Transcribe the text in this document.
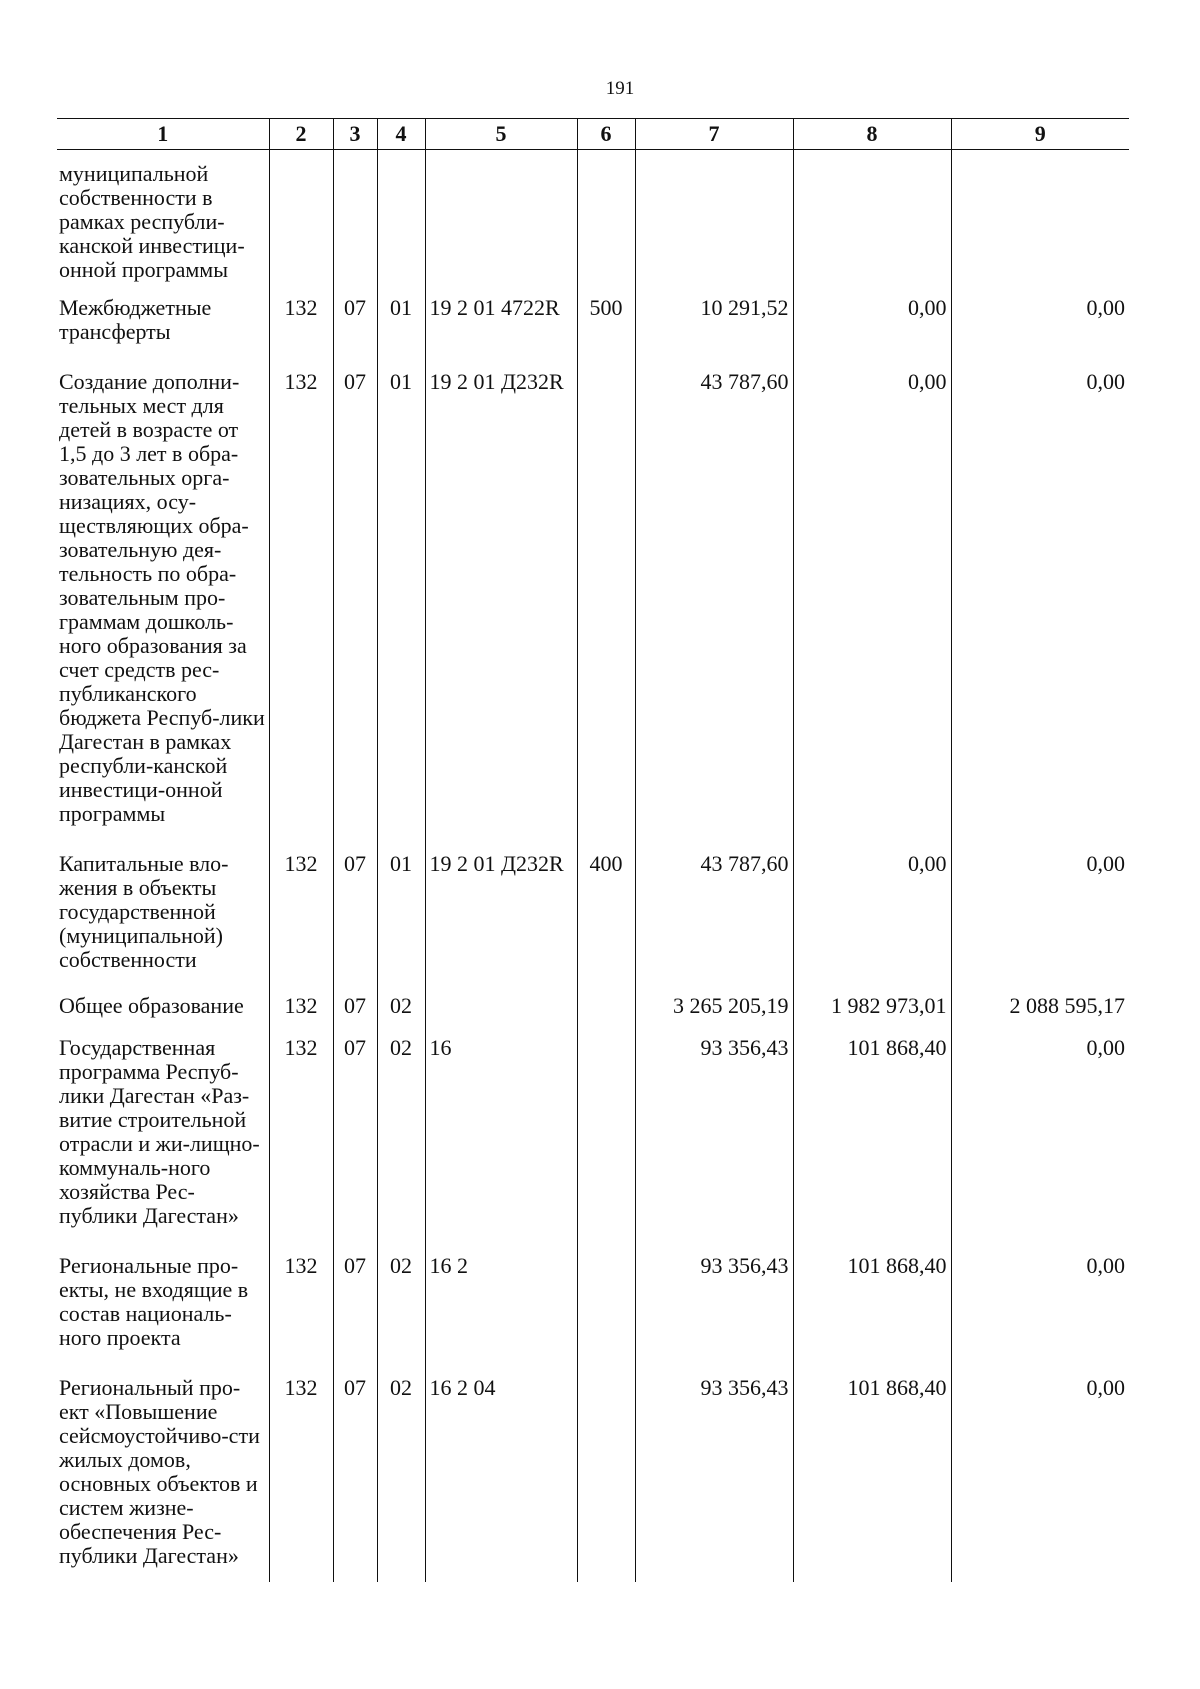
191
1	2	3	4	5	6	7	8	9
муниципальной собственности в рамках республи-канской инвестици-онной программы								
Межбюджетные трансферты	132	07	01	19 2 01 4722R	500	10 291,52	0,00	0,00
Создание дополни-тельных мест для детей в возрасте от 1,5 до 3 лет в обра-зовательных орга-низациях, осу-ществляющих обра-зовательную дея-тельность по обра-зовательным про-граммам дошколь-ного образования за счет средств рес-публиканского бюджета Респуб-лики Дагестан в рамках республи-канской инвестици-онной программы	132	07	01	19 2 01 Д232R		43 787,60	0,00	0,00
Капитальные вло-жения в объекты государственной (муниципальной) собственности	132	07	01	19 2 01 Д232R	400	43 787,60	0,00	0,00
Общее образование	132	07	02			3 265 205,19	1 982 973,01	2 088 595,17
Государственная программа Респуб-лики Дагестан «Раз-витие строительной отрасли и жи-лищно-коммуналь-ного хозяйства Рес-публики Дагестан»	132	07	02	16		93 356,43	101 868,40	0,00
Региональные про-екты, не входящие в состав националь-ного проекта	132	07	02	16 2		93 356,43	101 868,40	0,00
Региональный про-ект «Повышение сейсмоустойчиво-сти жилых домов, основных объектов и систем жизне-обеспечения Рес-публики Дагестан»	132	07	02	16 2 04		93 356,43	101 868,40	0,00
